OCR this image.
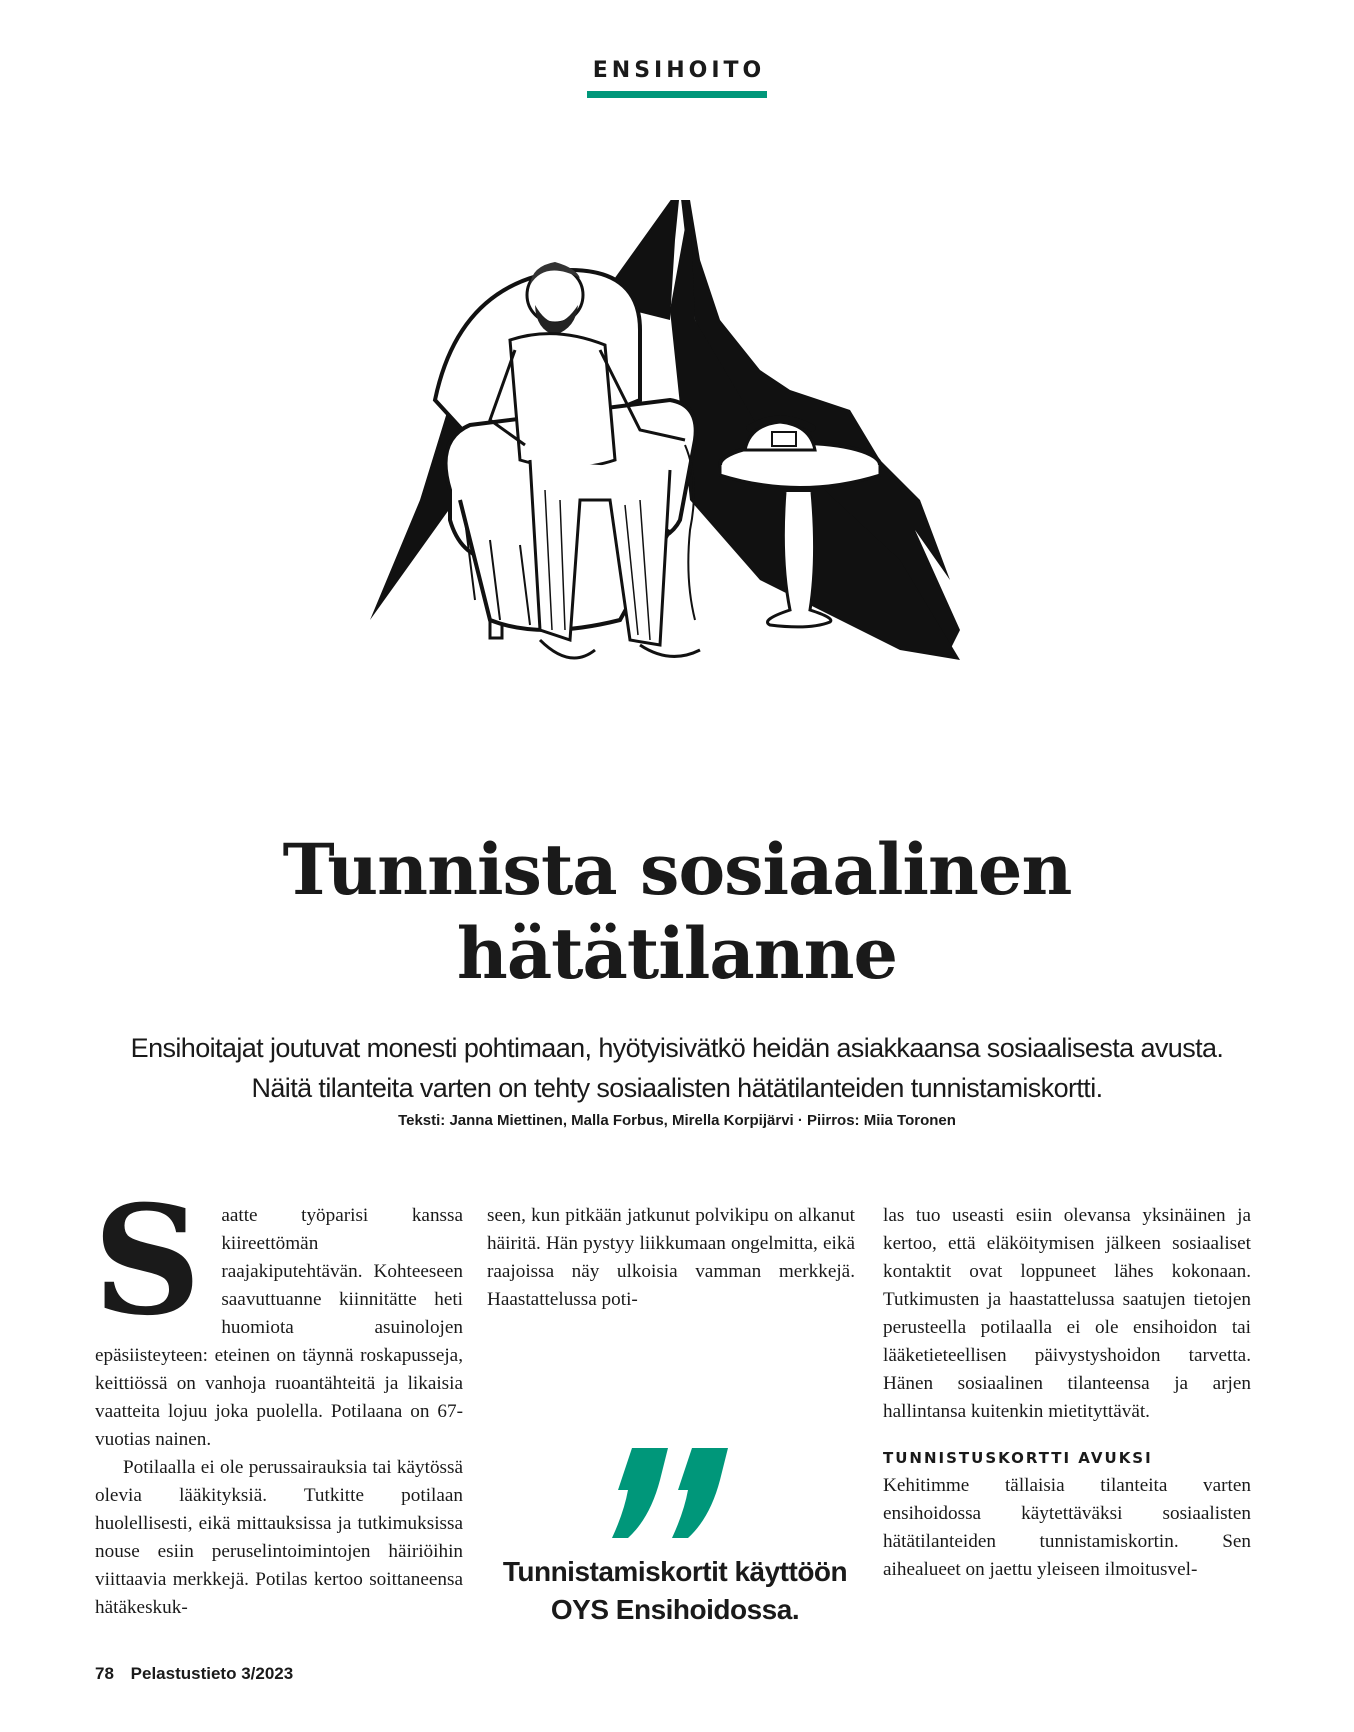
ENSIHOITO
Tunnista sosiaalinen
hätätilanne

Ensihoitajat joutuvat monesti pohtimaan, hyötyisivätkö heidän asiakkaansa sosiaalisesta avusta.
Näitä tilanteita varten on tehty sosiaalisten hätätilanteiden tunnistamiskortti.

Teksti: Janna Miettinen, Malla Forbus, Mirella Korpijärvi · Piirros: Miia Toronen
S	aatte työparisi kanssa kiireettömän raajakiputehtävän. Kohteeseen saavuttuanne kiinnitätte heti huomiota asuinolojen epäsiisteyteen: eteinen on täynnä roskapusseja, keittiössä on vanhoja ruoantähteitä ja likaisia vaatteita lojuu joka puolella. Potilaana on 67-vuotias nainen.

Potilaalla ei ole perussairauksia tai käytössä olevia lääkityksiä. Tutkitte potilaan huolellisesti, eikä mittauksissa ja tutkimuksissa nouse esiin peruselintoimintojen häiriöihin viittaavia merkkejä. Potilas kertoo soittaneensa hätäkeskuk-

seen, kun pitkään jatkunut polvikipu on alkanut häiritä. Hän pystyy liikkumaan ongelmitta, eikä raajoissa näy ulkoisia vamman merkkejä. Haastattelussa poti-

las tuo useasti esiin olevansa yksinäinen ja kertoo, että eläköitymisen jälkeen sosiaaliset kontaktit ovat loppuneet lähes kokonaan. Tutkimusten ja haastattelussa saatujen tietojen perusteella potilaalla ei ole ensihoidon tai lääketieteellisen päivystyshoidon tarvetta. Hänen sosiaalinen tilanteensa ja arjen hallintansa kuitenkin mietityttävät.

TUNNISTUSKORTTI AVUKSI

Kehitimme tällaisia tilanteita varten ensihoidossa käytettäväksi sosiaalisten hätätilanteiden tunnistamiskortin. Sen aihealueet on jaettu yleiseen ilmoitusvel-

Tunnistamiskortit käyttöön
OYS Ensihoidossa.

78 Pelastustieto 3/2023
